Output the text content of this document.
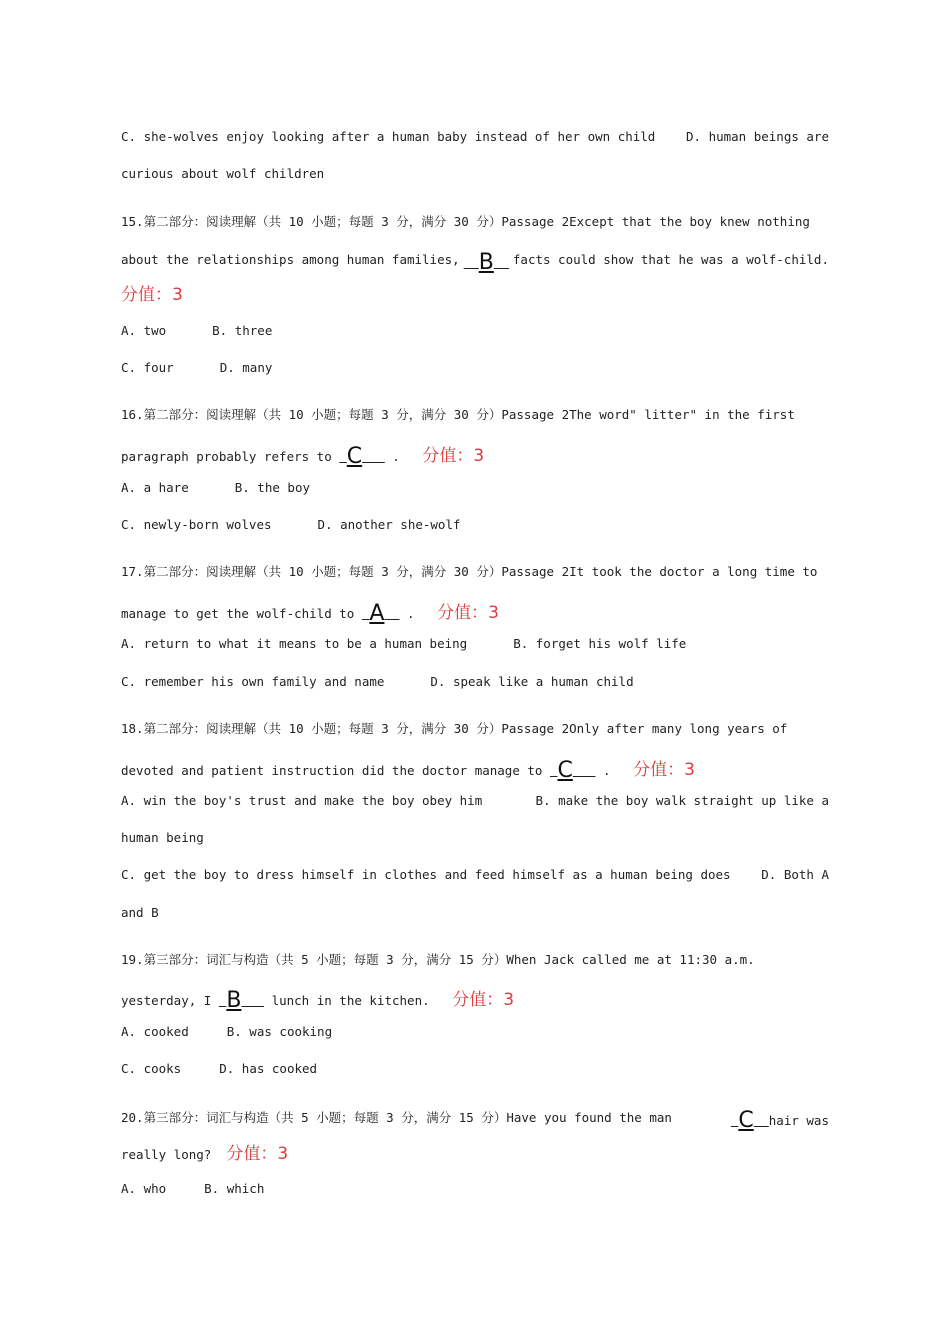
C. she-wolves enjoy looking after a human baby instead of her own child D. human beings are
curious about wolf children
15.第二部分：阅读理解（共 10 小题；每题 3 分，满分 30 分）Passage 2Except that the boy knew nothing
about the relationships among human families, B	facts could show that he was a wolf-child.
分值：3
A. two	B. three
C. four	D. many
16.第二部分：阅读理解（共 10 小题；每题 3 分，满分 30 分）Passage 2The word" litter" in the first
paragraph probably refers to C . 分值：3
A. a hare	B. the boy
C. newly-born wolves	D. another she-wolf
17.第二部分：阅读理解（共 10 小题；每题 3 分，满分 30 分）Passage 2It took the doctor a long time to
manage to get the wolf-child to A . 分值：3
A. return to what it means to be a human being	B. forget his wolf life
C. remember his own family and name	D. speak like a human child
18.第二部分：阅读理解（共 10 小题；每题 3 分，满分 30 分）Passage 2Only after many long years of
devoted and patient instruction did the doctor manage to C . 分值：3
A. win the boy's trust and make the boy obey him	B. make the boy walk straight up like a
human being
C. get the boy to dress himself in clothes and feed himself as a human being does D. Both A
and B
19.第三部分：词汇与构造（共 5 小题；每题 3 分，满分 15 分）When Jack called me at 11:30 a.m.
yesterday, I B lunch in the kitchen. 分值：3
A. cooked	B. was cooking
C. cooks	D. has cooked
20.第三部分：词汇与构造（共 5 小题；每题 3 分，满分 15 分）Have you found the man	C hair was
really long? 分值：3
A. who	B. which
